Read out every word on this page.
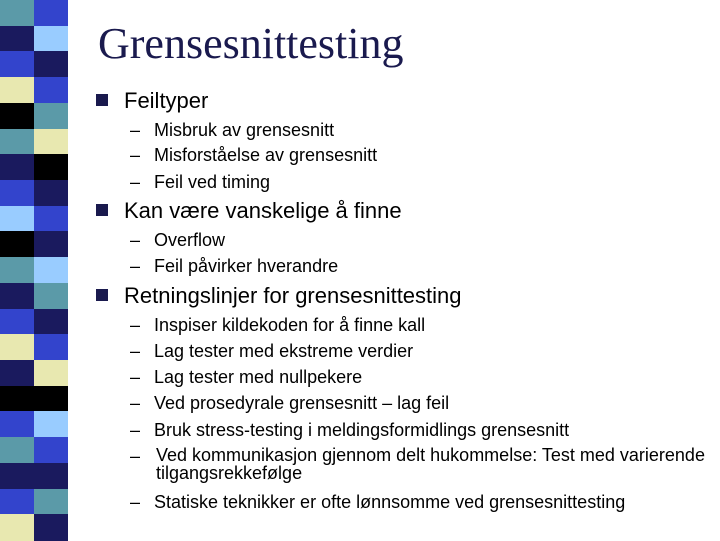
Grensesnittesting
Feiltyper
– Misbruk av grensesnitt
– Misforståelse av grensesnitt
– Feil ved timing
Kan være vanskelige å finne
– Overflow
– Feil påvirker hverandre
Retningslinjer for grensesnittesting
– Inspiser kildekoden for å finne kall
– Lag tester med ekstreme verdier
– Lag tester med nullpekere
– Ved prosedyrale grensesnitt – lag feil
– Bruk stress-testing i meldingsformidlings grensesnitt
– Ved kommunikasjon gjennom delt hukommelse: Test med varierende tilgangsrekkefølge
– Statiske teknikker er ofte lønnsomme ved grensesnittesting
